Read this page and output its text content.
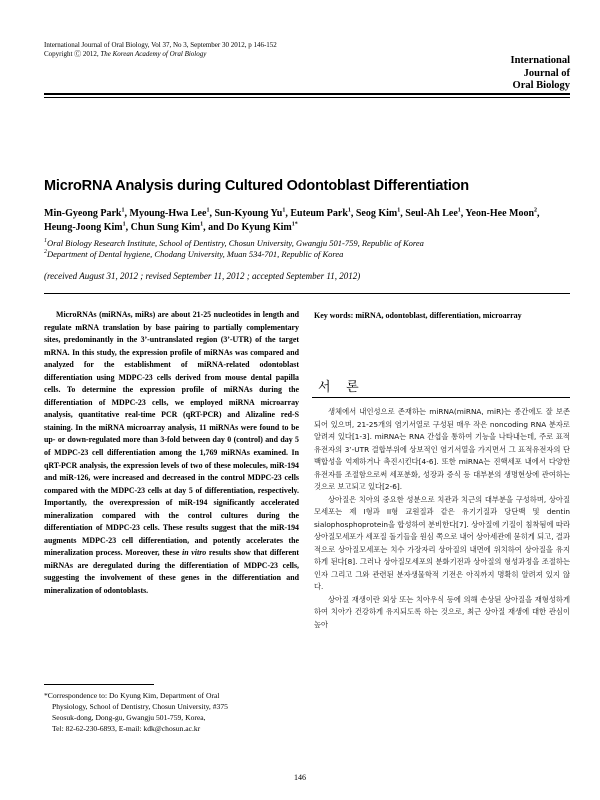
International Journal of Oral Biology, Vol 37, No 3, September 30 2012, p 146-152
Copyright Ⓒ 2012, The Korean Academy of Oral Biology
International
Journal of
Oral Biology
MicroRNA Analysis during Cultured Odontoblast Differentiation
Min-Gyeong Park$^1$, Myoung-Hwa Lee$^1$, Sun-Kyoung Yu$^1$, Euteum Park$^1$, Seog Kim$^1$, Seul-Ah Lee$^1$, Yeon-Hee Moon$^2$, Heung-Joong Kim$^1$, Chun Sung Kim$^1$, and Do Kyung Kim$^{1*}$
$^1$Oral Biology Research Institute, School of Dentistry, Chosun University, Gwangju 501-759, Republic of Korea
$^2$Department of Dental hygiene, Chodang University, Muan 534-701, Republic of Korea
(received August 31, 2012 ; revised September 11, 2012 ; accepted September 11, 2012)
MicroRNAs (miRNAs, miRs) are about 21-25 nucleotides in length and regulate mRNA translation by base pairing to partially complementary sites, predominantly in the 3’-untranslated region (3’-UTR) of the target mRNA. In this study, the expression profile of miRNAs was compared and analyzed for the establishment of miRNA-related odontoblast differentiation using MDPC-23 cells derived from mouse dental papilla cells. To determine the expression profile of miRNAs during the differentiation of MDPC-23 cells, we employed miRNA microarray analysis, quantitative real-time PCR (qRT-PCR) and Alizaline red-S staining. In the miRNA microarray analysis, 11 miRNAs were found to be up- or down-regulated more than 3-fold between day 0 (control) and day 5 of MDPC-23 cell differentiation among the 1,769 miRNAs examined. In qRT-PCR analysis, the expression levels of two of these molecules, miR-194 and miR-126, were increased and decreased in the control MDPC-23 cells compared with the MDPC-23 cells at day 5 of differentiation, respectively. Importantly, the overexpression of miR-194 significantly accelerated mineralization compared with the control cultures during the differentiation of MDPC-23 cells. These results suggest that the miR-194 augments MDPC-23 cell differentiation, and potently accelerates the mineralization process. Moreover, these in vitro results show that different miRNAs are deregulated during the differentiation of MDPC-23 cells, suggesting the involvement of these genes in the differentiation and mineralization of odontoblasts.
Key words: miRNA, odontoblast, differentiation, microarray
서 론

생체에서 내인성으로 존재하는 miRNA(miRNA, miR)는 종간에도 잘 보존되어 있으며, 21-25개의 염기서열로 구성된 매우 작은 noncoding RNA 분자로 알려져 있다[1-3]. miRNA는 RNA 간섭을 통하여 기능을 나타내는데, 주로 표적 유전자의 3’-UTR 결합부위에 상보적인 염기서열을 가지면서 그 표적유전자의 단백합성을 억제하거나 촉진시킨다[4-6]. 또한 miRNA는 진핵세포 내에서 다양한 유전자를 조절함으로써 세포분화, 성장과 증식 등 대부분의 생명현상에 관여하는 것으로 보고되고 있다[2-6].

상아질은 치아의 중요한 성분으로 치관과 치근의 대부분을 구성하며, 상아질모세포는 제 I형과 II형 교원질과 같은 유기기질과 당단백 및 dentin sialophosphoprotein을 합성하여 분비한다[7]. 상아질에 기질이 침착됨에 따라 상아질모세포가 세포질 돌기들을 원심 쪽으로 내어 상아세관에 묻히게 되고, 결과적으로 상아질모세포는 치수 가장자리 상아질의 내면에 위치하여 상아질을 유지하게 된다[8]. 그러나 상아질모세포의 분화기전과 상아질의 형성과정을 조절하는 인자 그리고 그와 관련된 분자생물학적 기전은 아직까지 명확히 알려져 있지 않다.

상아질 재생이란 외상 또는 치아우식 등에 의해 손상된 상아질을 재형성하게 하여 치아가 건강하게 유지되도록 하는 것으로, 최근 상아질 재생에 대한 관심이 높아

*Correspondence to: Do Kyung Kim, Department of Oral
Physiology, School of Dentistry, Chosun University, #375
Seosuk-dong, Dong-gu, Gwangju 501-759, Korea,
Tel: 82-62-230-6893, E-mail: kdk@chosun.ac.kr
146
